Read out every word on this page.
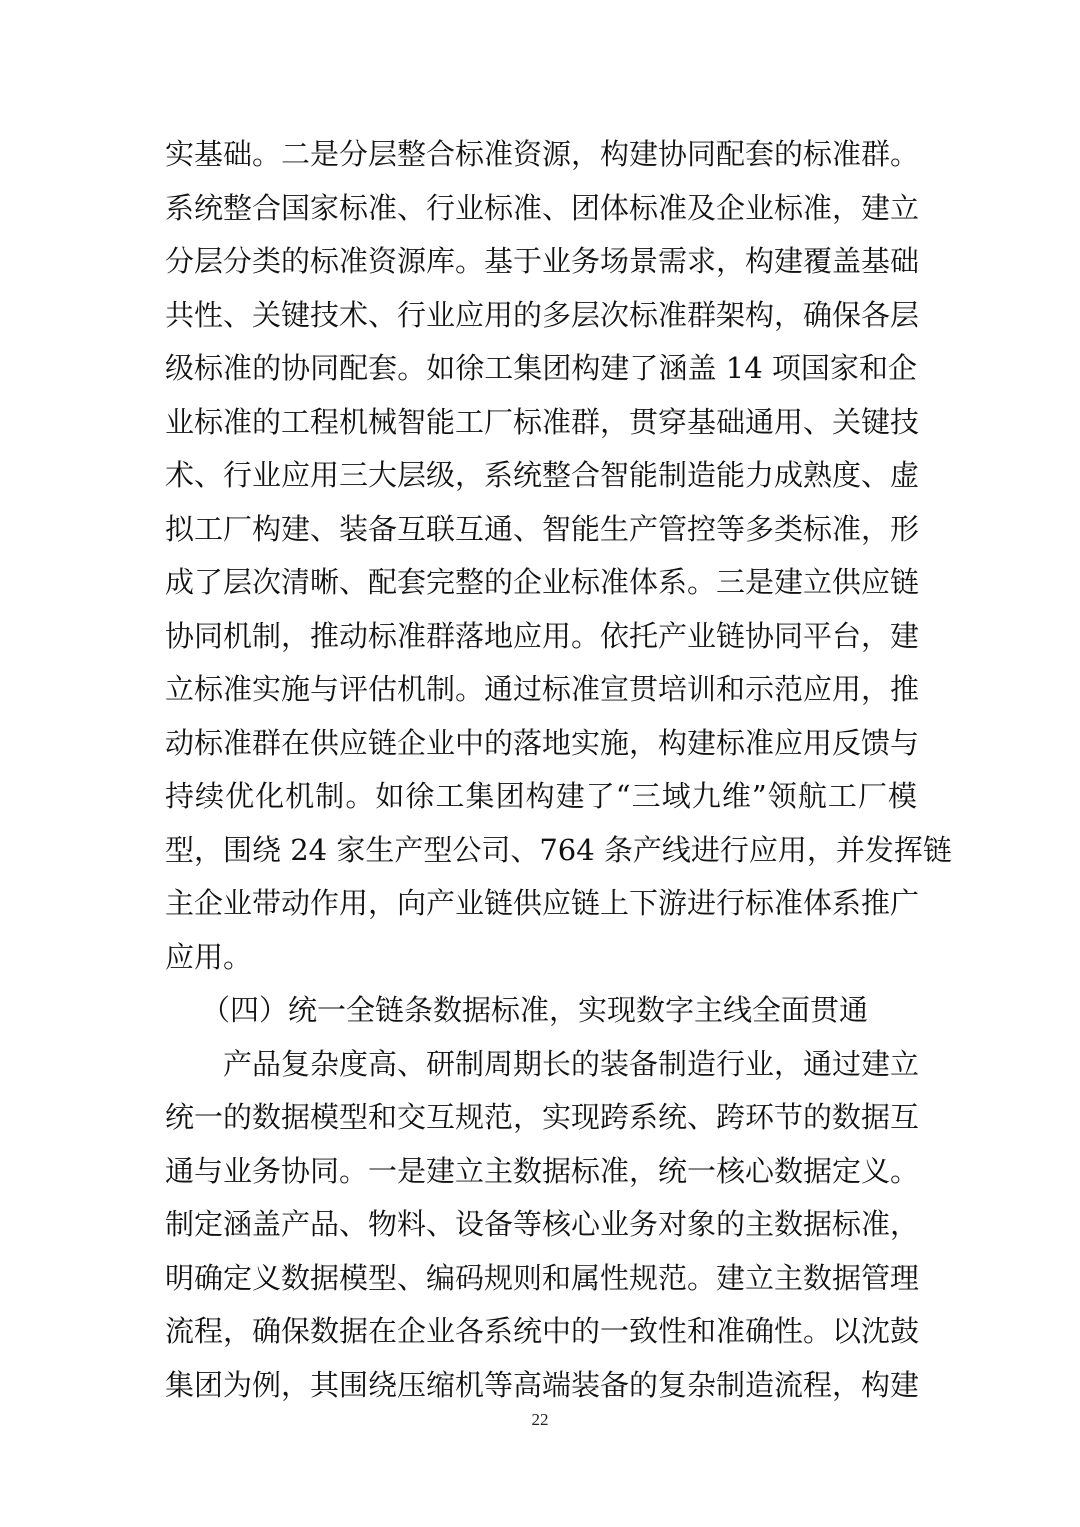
实基础。二是分层整合标准资源，构建协同配套的标准群。
系统整合国家标准、行业标准、团体标准及企业标准，建立
分层分类的标准资源库。基于业务场景需求，构建覆盖基础
共性、关键技术、行业应用的多层次标准群架构，确保各层
级标准的协同配套。如徐工集团构建了涵盖 14 项国家和企
业标准的工程机械智能工厂标准群，贯穿基础通用、关键技
术、行业应用三大层级，系统整合智能制造能力成熟度、虚
拟工厂构建、装备互联互通、智能生产管控等多类标准，形
成了层次清晰、配套完整的企业标准体系。三是建立供应链
协同机制，推动标准群落地应用。依托产业链协同平台，建
立标准实施与评估机制。通过标准宣贯培训和示范应用，推
动标准群在供应链企业中的落地实施，构建标准应用反馈与
持续优化机制。如徐工集团构建了“三域九维”领航工厂模
型，围绕 24 家生产型公司、764 条产线进行应用，并发挥链
主企业带动作用，向产业链供应链上下游进行标准体系推广
应用。
（四）统一全链条数据标准，实现数字主线全面贯通
产品复杂度高、研制周期长的装备制造行业，通过建立
统一的数据模型和交互规范，实现跨系统、跨环节的数据互
通与业务协同。一是建立主数据标准，统一核心数据定义。
制定涵盖产品、物料、设备等核心业务对象的主数据标准，
明确定义数据模型、编码规则和属性规范。建立主数据管理
流程，确保数据在企业各系统中的一致性和准确性。以沈鼓
集团为例，其围绕压缩机等高端装备的复杂制造流程，构建
22
